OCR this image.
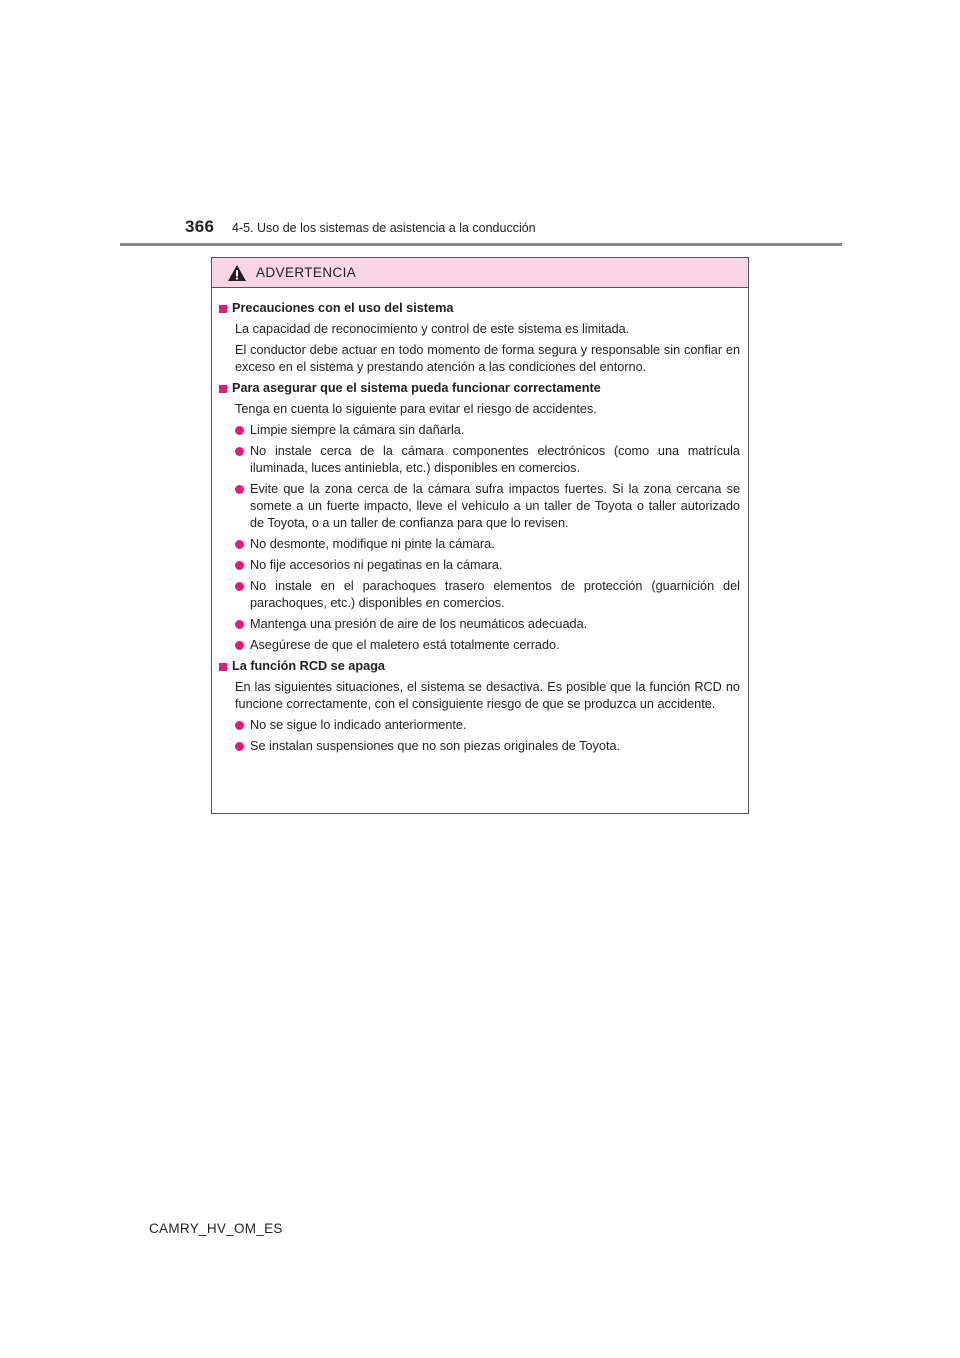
366 4-5. Uso de los sistemas de asistencia a la conducción
ADVERTENCIA
Precauciones con el uso del sistema
La capacidad de reconocimiento y control de este sistema es limitada.
El conductor debe actuar en todo momento de forma segura y responsable sin confiar en exceso en el sistema y prestando atención a las condiciones del entorno.
Para asegurar que el sistema pueda funcionar correctamente
Tenga en cuenta lo siguiente para evitar el riesgo de accidentes.
Limpie siempre la cámara sin dañarla.
No instale cerca de la cámara componentes electrónicos (como una matrícula iluminada, luces antiniebla, etc.) disponibles en comercios.
Evite que la zona cerca de la cámara sufra impactos fuertes. Si la zona cercana se somete a un fuerte impacto, lleve el vehículo a un taller de Toyota o taller autorizado de Toyota, o a un taller de confianza para que lo revisen.
No desmonte, modifique ni pinte la cámara.
No fije accesorios ni pegatinas en la cámara.
No instale en el parachoques trasero elementos de protección (guarnición del parachoques, etc.) disponibles en comercios.
Mantenga una presión de aire de los neumáticos adecuada.
Asegúrese de que el maletero está totalmente cerrado.
La función RCD se apaga
En las siguientes situaciones, el sistema se desactiva. Es posible que la función RCD no funcione correctamente, con el consiguiente riesgo de que se produzca un accidente.
No se sigue lo indicado anteriormente.
Se instalan suspensiones que no son piezas originales de Toyota.
CAMRY_HV_OM_ES
